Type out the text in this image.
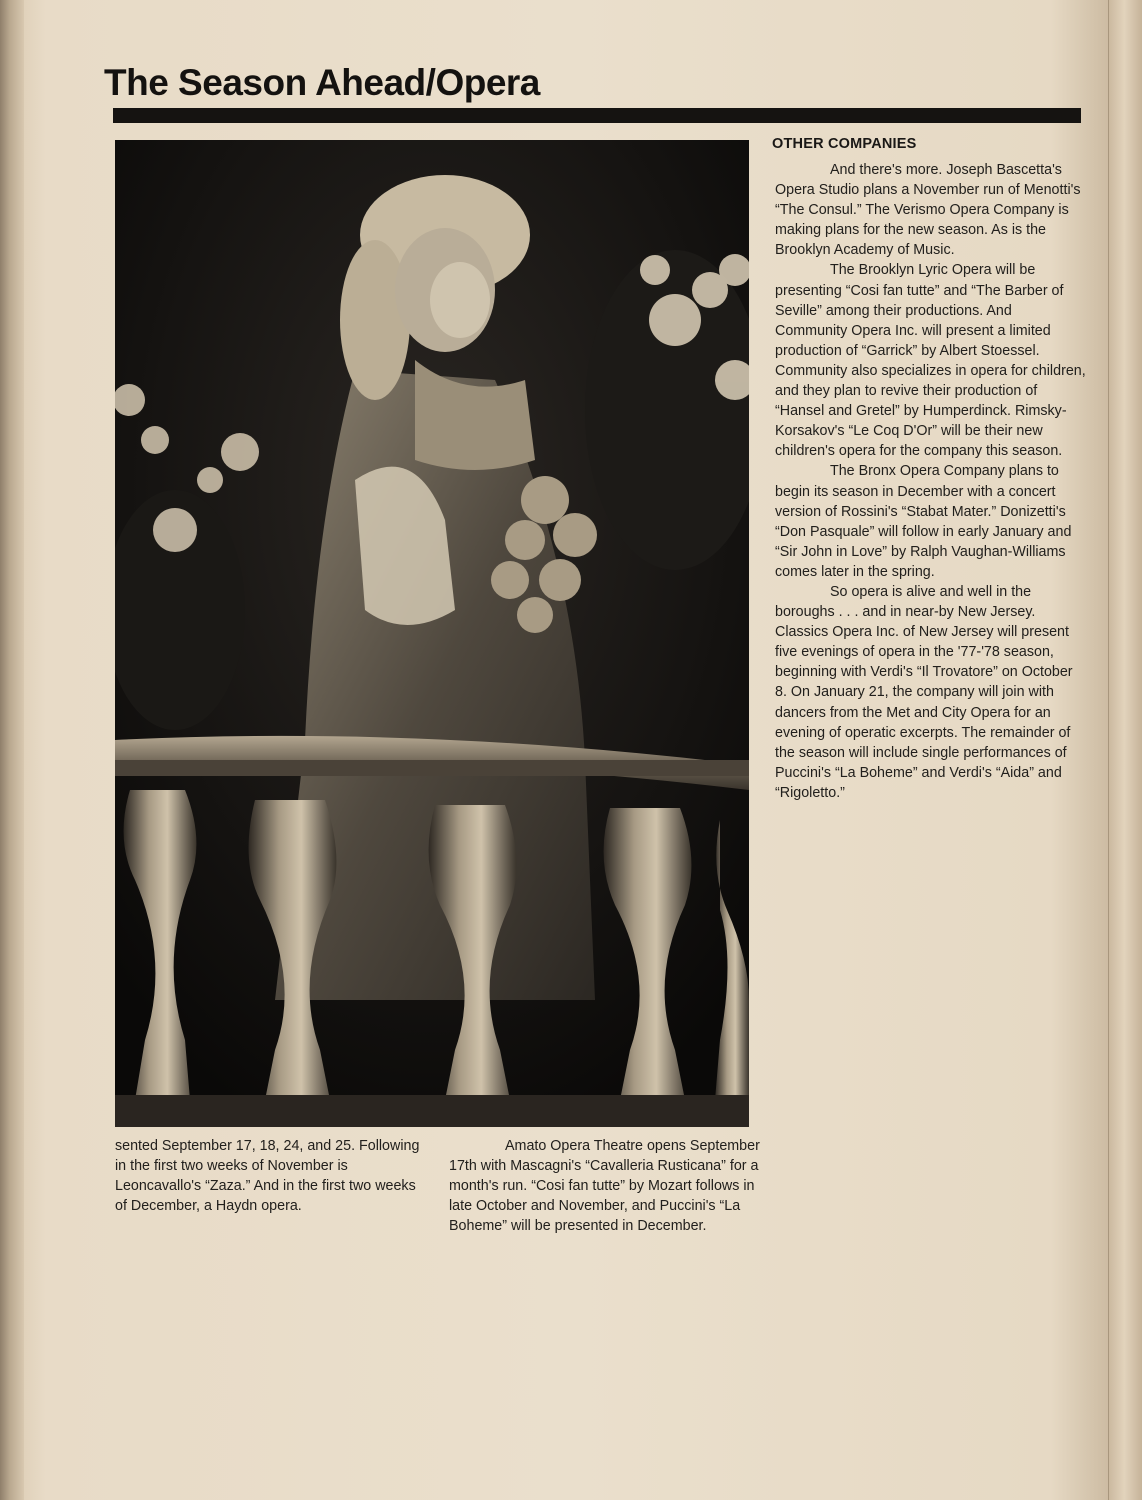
The Season Ahead/Opera
OTHER COMPANIES

And there's more. Joseph Bascetta's Opera Studio plans a November run of Menotti's “The Consul.” The Verismo Opera Company is making plans for the new season. As is the Brooklyn Academy of Music.

The Brooklyn Lyric Opera will be presenting “Cosi fan tutte” and “The Barber of Seville” among their productions. And Community Opera Inc. will present a limited production of “Garrick” by Albert Stoessel. Community also specializes in opera for children, and they plan to revive their production of “Hansel and Gretel” by Humperdinck. Rimsky-Korsakov's “Le Coq D'Or” will be their new children's opera for the company this season.

The Bronx Opera Company plans to begin its season in December with a concert version of Rossini's “Stabat Mater.” Donizetti's “Don Pasquale” will follow in early January and “Sir John in Love” by Ralph Vaughan-Williams comes later in the spring.

So opera is alive and well in the boroughs . . . and in near-by New Jersey. Classics Opera Inc. of New Jersey will present five evenings of opera in the '77-'78 season, beginning with Verdi's “Il Trovatore” on October 8. On January 21, the company will join with dancers from the Met and City Opera for an evening of operatic excerpts. The remainder of the season will include single performances of Puccini's “La Boheme” and Verdi's “Aida” and “Rigoletto.”

sented September 17, 18, 24, and 25. Following in the first two weeks of November is Leoncavallo's “Zaza.” And in the first two weeks of December, a Haydn opera.

Amato Opera Theatre opens September 17th with Mascagni's “Cavalleria Rusticana” for a month's run. “Cosi fan tutte” by Mozart follows in late October and November, and Puccini's “La Boheme” will be presented in December.
